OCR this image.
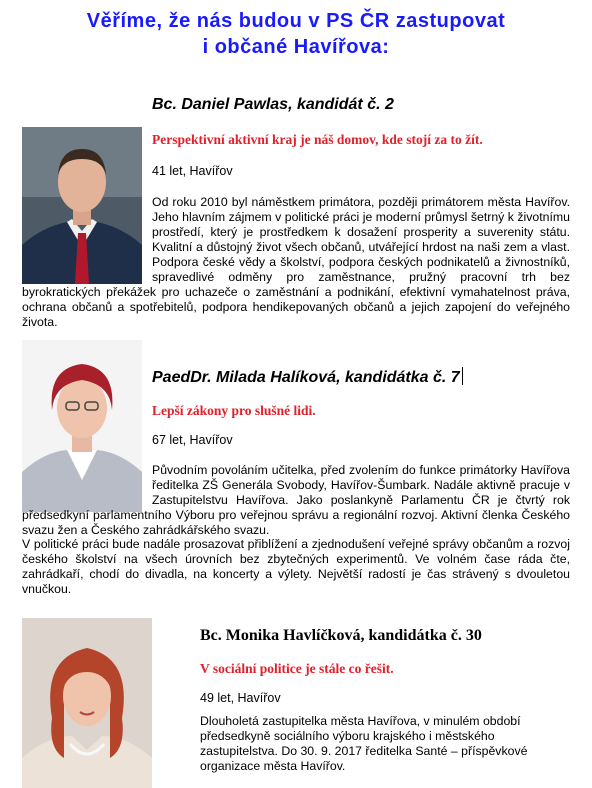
Věříme, že nás budou v PS ČR zastupovat
i občané Havířova:
Bc. Daniel Pawlas, kandidát č. 2
Perspektivní aktivní kraj je náš domov, kde stojí za to žít.
41 let, Havířov
Od roku 2010 byl náměstkem primátora, později primátorem města Havířov. Jeho hlavním zájmem v politické práci je moderní průmysl šetrný k životnímu prostředí, který je prostředkem k dosažení prosperity a suverenity státu. Kvalitní a důstojný život všech občanů, utvářející hrdost na naši zem a vlast. Podpora české vědy a školství, podpora českých podnikatelů a živnostníků, spravedlivé odměny pro zaměstnance, pružný pracovní trh bez byrokratických překážek pro uchazeče o zaměstnání a podnikání, efektivní vymahatelnost práva, ochrana občanů a spotřebitelů, podpora hendikepovaných občanů a jejich zapojení do veřejného života.
PaedDr. Milada Halíková, kandidátka č. 7
Lepší zákony pro slušné lidi.
67 let, Havířov
Původním povoláním učitelka, před zvolením do funkce primátorky Havířova ředitelka ZŠ Generála Svobody, Havířov-Šumbark. Nadále aktivně pracuje v Zastupitelstvu Havířova. Jako poslankyně Parlamentu ČR je čtvrtý rok předsedkyní parlamentního Výboru pro veřejnou správu a regionální rozvoj. Aktivní členka Českého svazu žen a Českého zahrádkářského svazu.
V politické práci bude nadále prosazovat přiblížení a zjednodušení veřejné správy občanům a rozvoj českého školství na všech úrovních bez zbytečných experimentů. Ve volném čase ráda čte, zahrádkaří, chodí do divadla, na koncerty a výlety. Největší radostí je čas strávený s dvouletou vnučkou.
Bc. Monika Havlíčková, kandidátka č. 30
V sociální politice je stále co řešit.
49 let, Havířov
Dlouholetá zastupitelka města Havířova, v minulém období předsedkyně sociálního výboru krajského i městského zastupitelstva. Do 30. 9. 2017 ředitelka Santé – příspěvkové organizace města Havířov.
